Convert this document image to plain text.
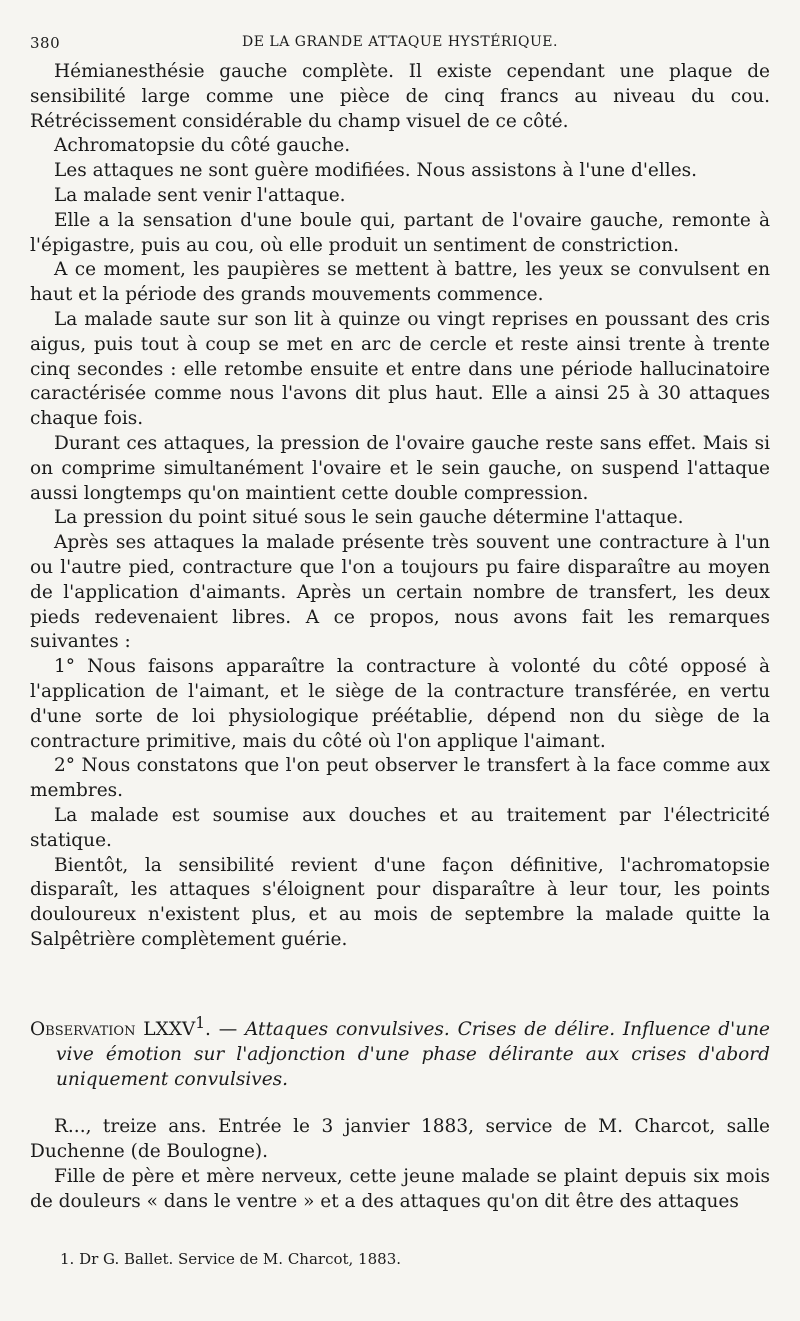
380	DE LA GRANDE ATTAQUE HYSTÉRIQUE.

Hémianesthésie gauche complète. Il existe cependant une plaque de sensibilité large comme une pièce de cinq francs au niveau du cou. Rétrécissement considérable du champ visuel de ce côté.

Achromatopsie du côté gauche.

Les attaques ne sont guère modifiées. Nous assistons à l'une d'elles.

La malade sent venir l'attaque.

Elle a la sensation d'une boule qui, partant de l'ovaire gauche, remonte à l'épigastre, puis au cou, où elle produit un sentiment de constriction.

A ce moment, les paupières se mettent à battre, les yeux se convulsent en haut et la période des grands mouvements commence.

La malade saute sur son lit à quinze ou vingt reprises en poussant des cris aigus, puis tout à coup se met en arc de cercle et reste ainsi trente à trente cinq secondes : elle retombe ensuite et entre dans une période hallucinatoire caractérisée comme nous l'avons dit plus haut. Elle a ainsi 25 à 30 attaques chaque fois.

Durant ces attaques, la pression de l'ovaire gauche reste sans effet. Mais si on comprime simultanément l'ovaire et le sein gauche, on suspend l'attaque aussi longtemps qu'on maintient cette double compression.

La pression du point situé sous le sein gauche détermine l'attaque.

Après ses attaques la malade présente très souvent une contracture à l'un ou l'autre pied, contracture que l'on a toujours pu faire disparaître au moyen de l'application d'aimants. Après un certain nombre de transfert, les deux pieds redevenaient libres. A ce propos, nous avons fait les remarques suivantes :

1° Nous faisons apparaître la contracture à volonté du côté opposé à l'application de l'aimant, et le siège de la contracture transférée, en vertu d'une sorte de loi physiologique préétablie, dépend non du siège de la contracture primitive, mais du côté où l'on applique l'aimant.

2° Nous constatons que l'on peut observer le transfert à la face comme aux membres.

La malade est soumise aux douches et au traitement par l'électricité statique.

Bientôt, la sensibilité revient d'une façon définitive, l'achromatopsie disparaît, les attaques s'éloignent pour disparaître à leur tour, les points douloureux n'existent plus, et au mois de septembre la malade quitte la Salpêtrière complètement guérie.

Observation LXXV$^1$. — Attaques convulsives. Crises de délire. Influence d'une vive émotion sur l'adjonction d'une phase délirante aux crises d'abord uniquement convulsives.

R..., treize ans. Entrée le 3 janvier 1883, service de M. Charcot, salle Duchenne (de Boulogne).

Fille de père et mère nerveux, cette jeune malade se plaint depuis six mois de douleurs « dans le ventre » et a des attaques qu'on dit être des attaques

1. Dr G. Ballet. Service de M. Charcot, 1883.
